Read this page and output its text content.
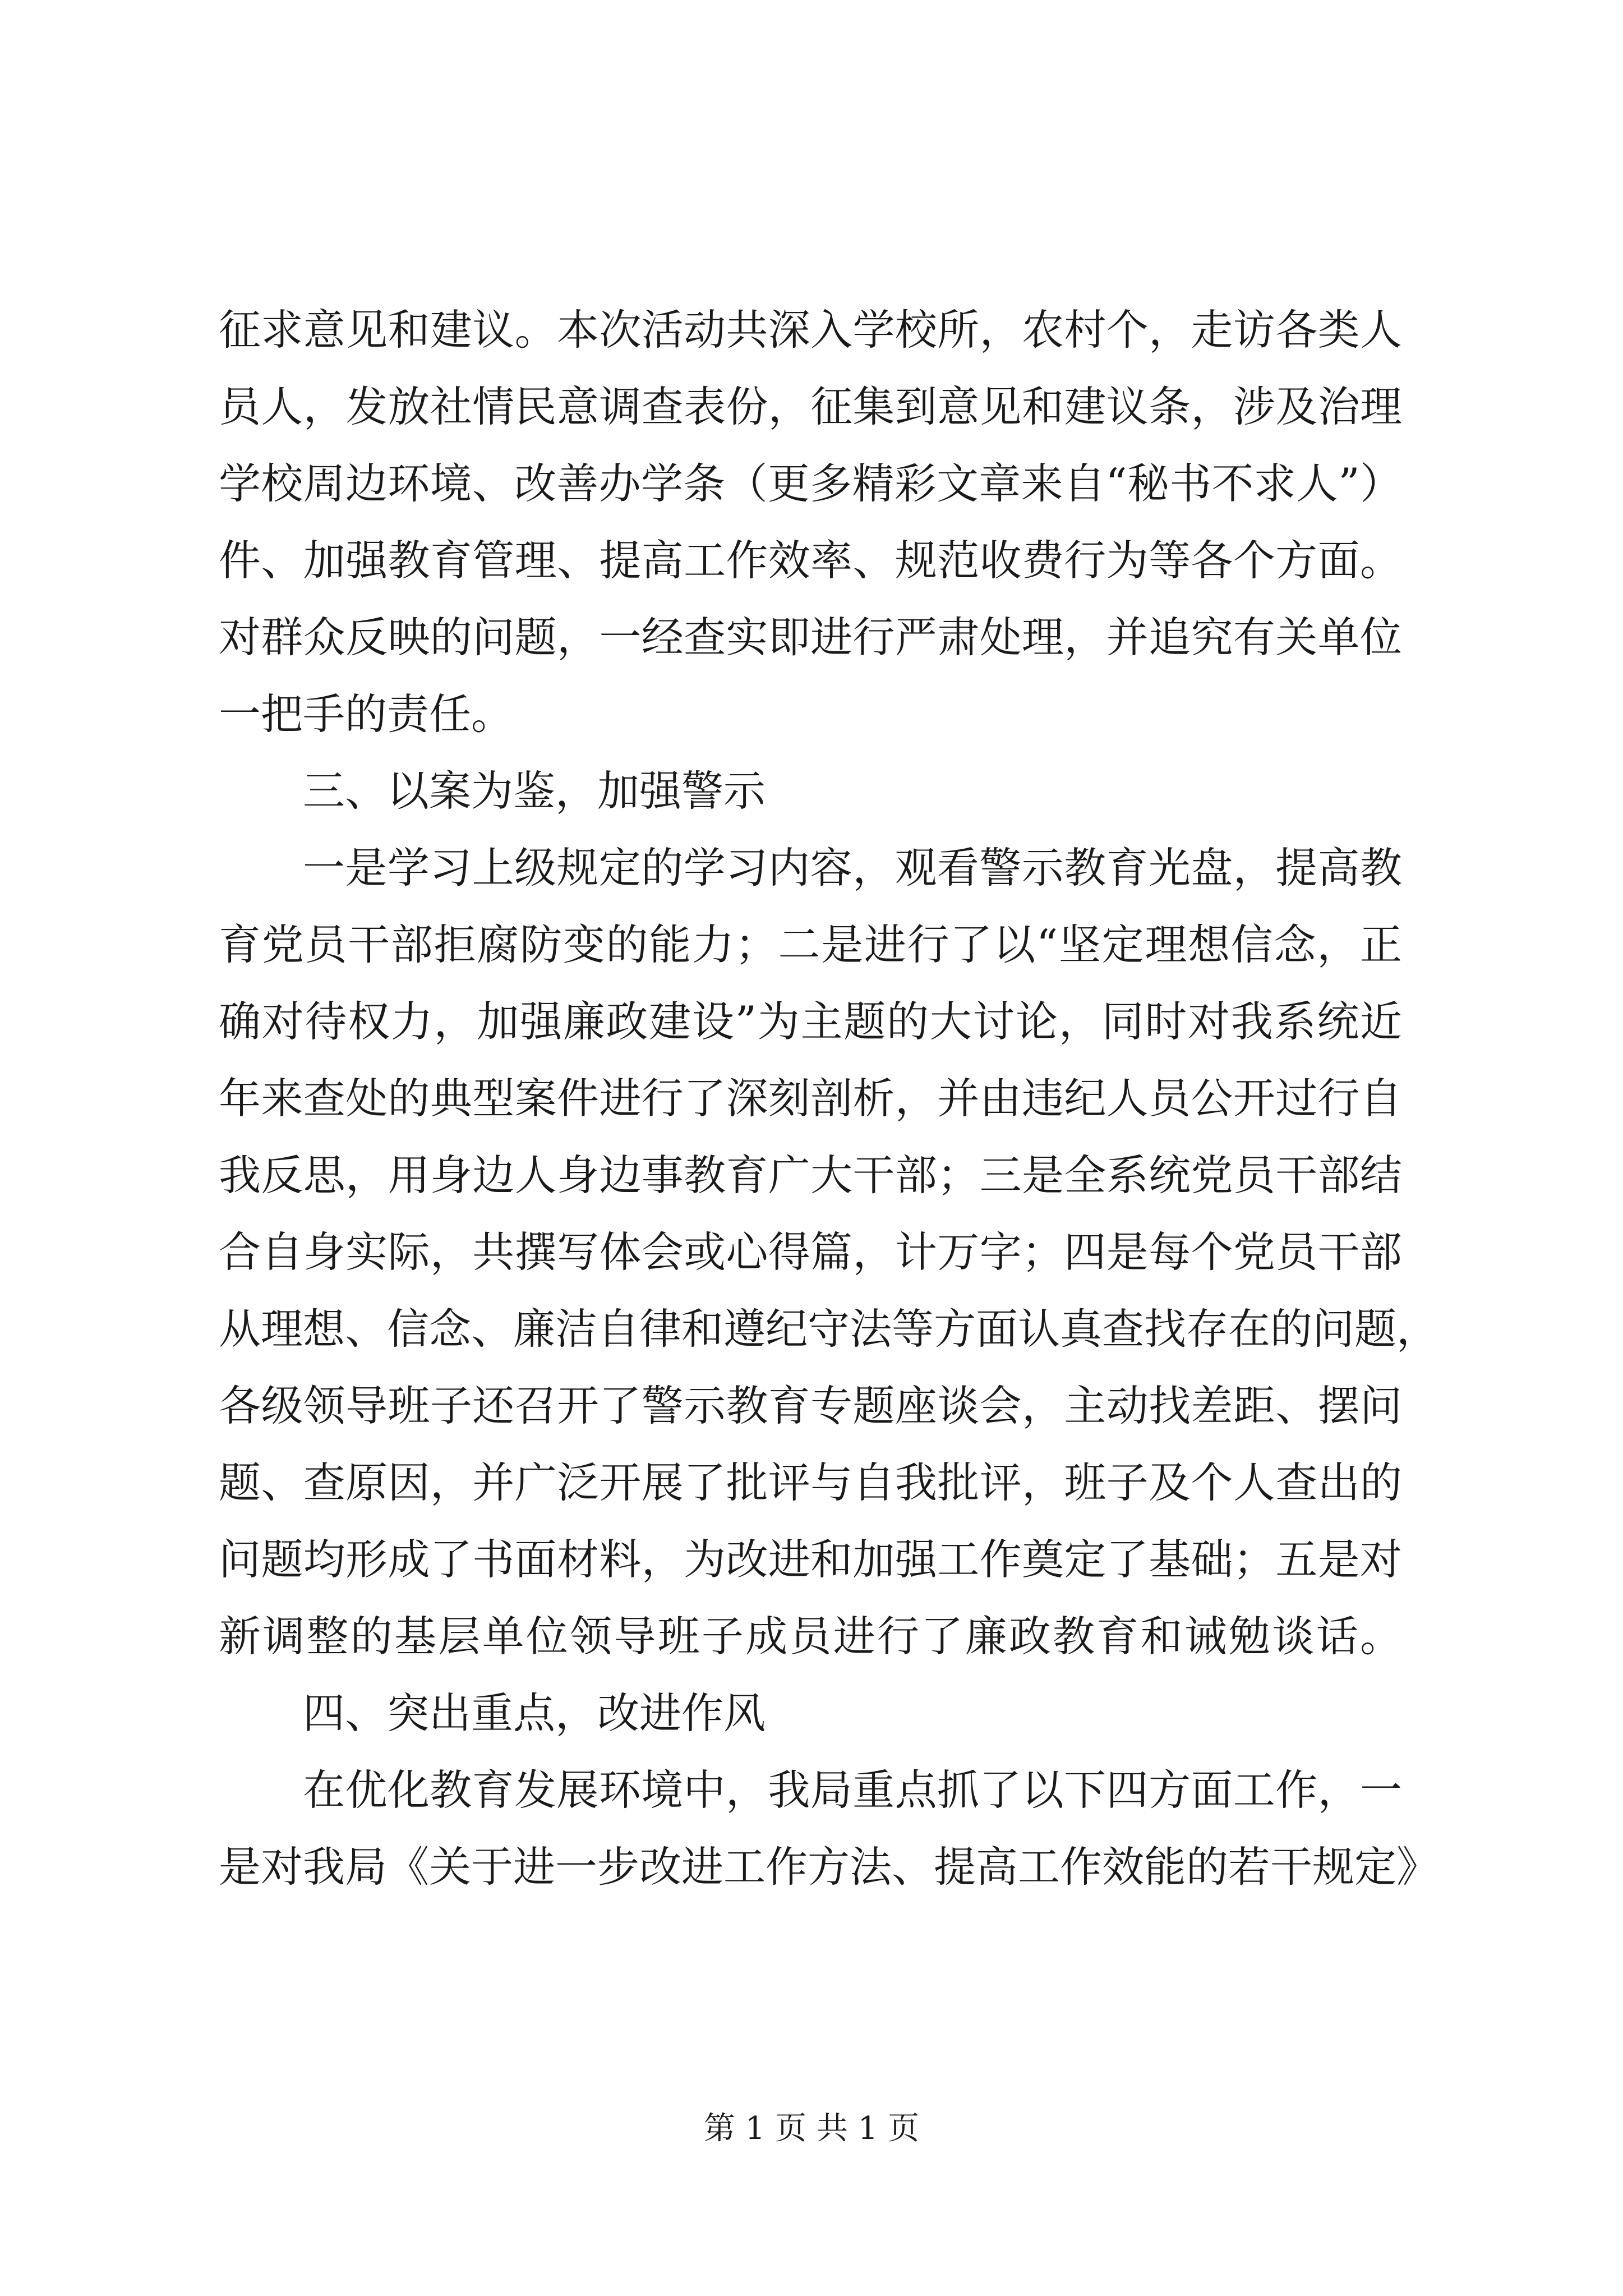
征求意见和建议。本次活动共深入学校所，农村个，走访各类人
员人，发放社情民意调查表份，征集到意见和建议条，涉及治理
学校周边环境、改善办学条（更多精彩文章来自“秘书不求人”）
件、加强教育管理、提高工作效率、规范收费行为等各个方面。
对群众反映的问题，一经查实即进行严肃处理，并追究有关单位
一把手的责任。
三、以案为鉴，加强警示
一是学习上级规定的学习内容，观看警示教育光盘，提高教
育党员干部拒腐防变的能力；二是进行了以“坚定理想信念，正
确对待权力，加强廉政建设”为主题的大讨论，同时对我系统近
年来查处的典型案件进行了深刻剖析，并由违纪人员公开过行自
我反思，用身边人身边事教育广大干部；三是全系统党员干部结
合自身实际，共撰写体会或心得篇，计万字；四是每个党员干部
从理想、信念、廉洁自律和遵纪守法等方面认真查找存在的问题，
各级领导班子还召开了警示教育专题座谈会，主动找差距、摆问
题、查原因，并广泛开展了批评与自我批评，班子及个人查出的
问题均形成了书面材料，为改进和加强工作奠定了基础；五是对
新调整的基层单位领导班子成员进行了廉政教育和诫勉谈话。
四、突出重点，改进作风
在优化教育发展环境中，我局重点抓了以下四方面工作，一
是对我局《关于进一步改进工作方法、提高工作效能的若干规定》
第 1 页 共 1 页
